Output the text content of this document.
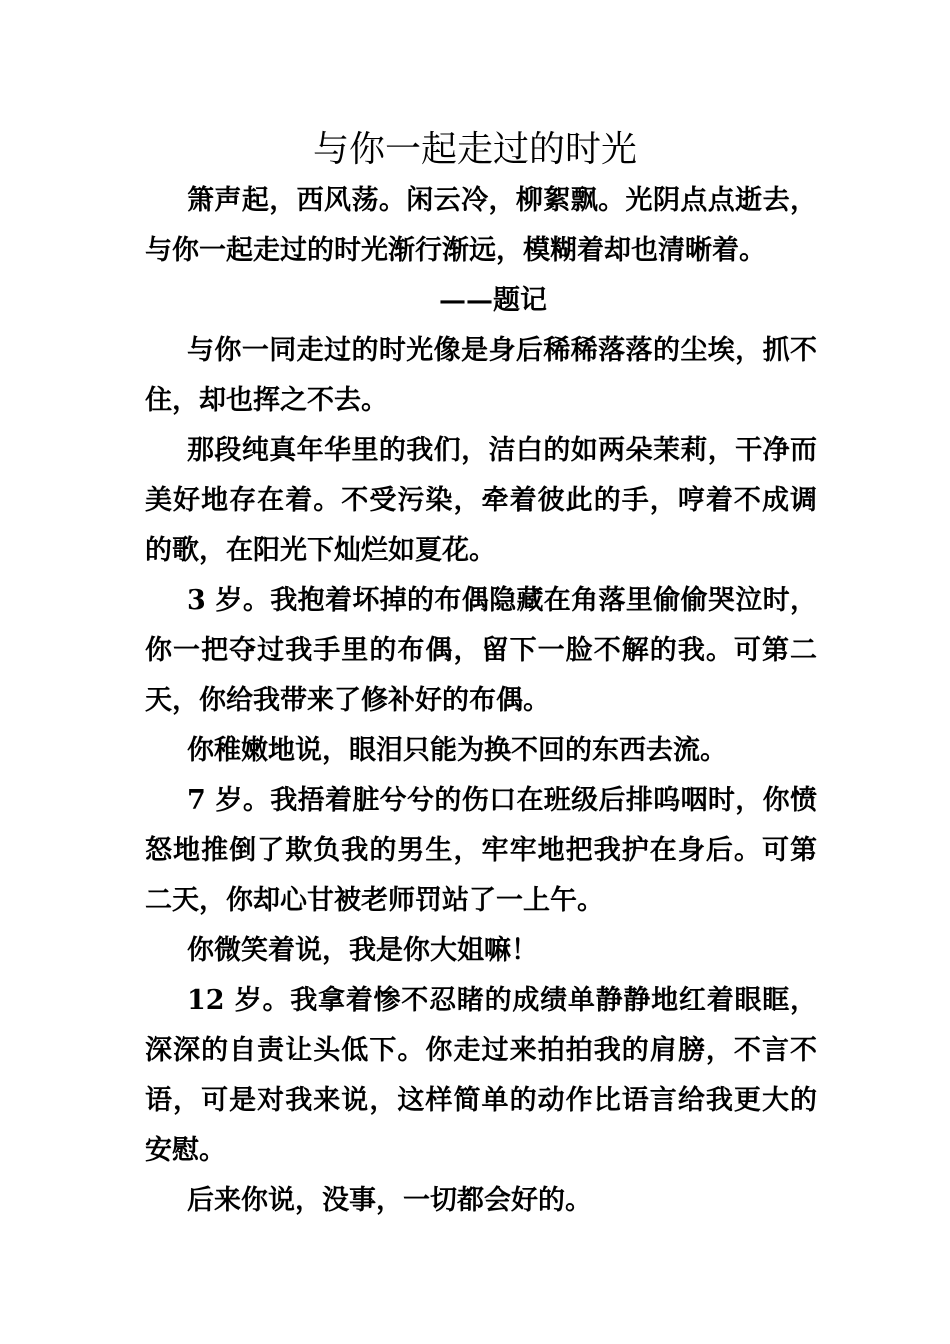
与你一起走过的时光

箫声起，西风荡。闲云冷，柳絮飘。光阴点点逝去，与你一起走过的时光渐行渐远，模糊着却也清晰着。

——题记

与你一同走过的时光像是身后稀稀落落的尘埃，抓不住，却也挥之不去。

那段纯真年华里的我们，洁白的如两朵茉莉，干净而美好地存在着。不受污染，牵着彼此的手，哼着不成调的歌，在阳光下灿烂如夏花。

3 岁。我抱着坏掉的布偶隐藏在角落里偷偷哭泣时，你一把夺过我手里的布偶，留下一脸不解的我。可第二天，你给我带来了修补好的布偶。

你稚嫩地说，眼泪只能为换不回的东西去流。

7 岁。我捂着脏兮兮的伤口在班级后排呜咽时，你愤怒地推倒了欺负我的男生，牢牢地把我护在身后。可第二天，你却心甘被老师罚站了一上午。

你微笑着说，我是你大姐嘛！

12 岁。我拿着惨不忍睹的成绩单静静地红着眼眶，深深的自责让头低下。你走过来拍拍我的肩膀，不言不语，可是对我来说，这样简单的动作比语言给我更大的安慰。

后来你说，没事，一切都会好的。
